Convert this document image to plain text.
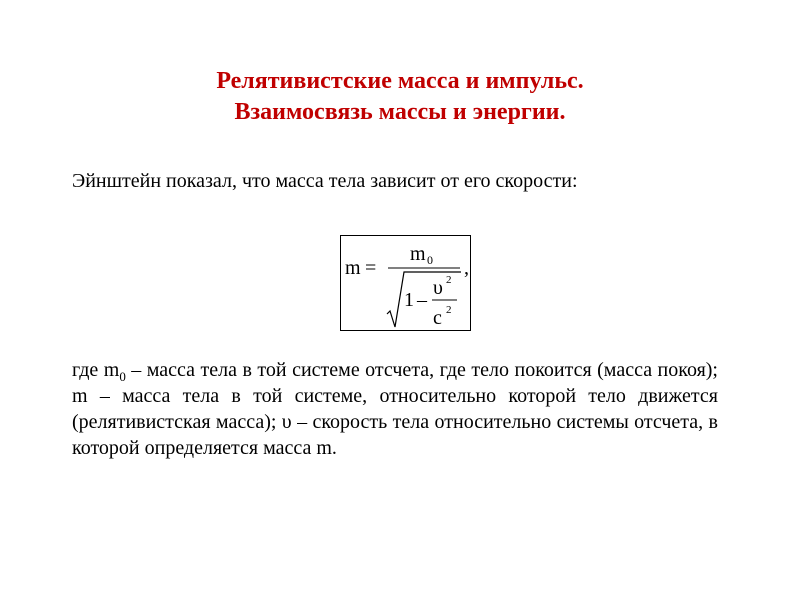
Релятивистские масса и импульс.
Взаимосвязь массы и энергии.
Эйнштейн показал, что масса тела зависит от его скорости:
m =
m 0
1 –
υ 2
c 2
,
где $m_0$ – масса тела в той системе отсчета, где тело покоится (масса покоя); m – масса тела в той системе, относительно которой тело движется (релятивистская масса); υ – скорость тела относительно системы отсчета, в которой определяется масса m.
